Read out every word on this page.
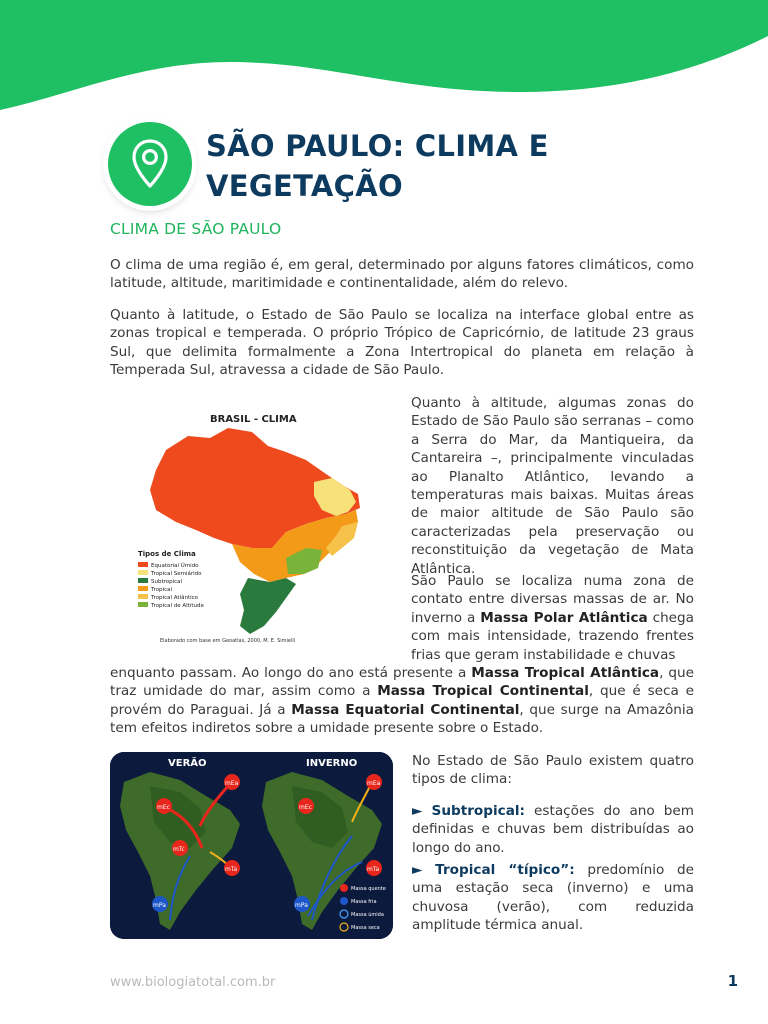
SÃO PAULO: CLIMA E
VEGETAÇÃO
CLIMA DE SÃO PAULO

O clima de uma região é, em geral, determinado por alguns fatores climáticos, como latitude, altitude, maritimidade e continentalidade, além do relevo.

Quanto à latitude, o Estado de São Paulo se localiza na interface global entre as zonas tropical e temperada. O próprio Trópico de Capricórnio, de latitude 23 graus Sul, que delimita formalmente a Zona Intertropical do planeta em relação à Temperada Sul, atravessa a cidade de São Paulo.

BRASIL - CLIMA
Tipos de Clima
Equatorial Úmido
Tropical Semiárido
Subtropical
Tropical
Tropical Atlântico
Tropical de Altitude
Elaborado com base em Geoatlas, 2000, M. E. Simielli

Quanto à altitude, algumas zonas do Estado de São Paulo são serranas – como a Serra do Mar, da Mantiqueira, da Cantareira –, principalmente vinculadas ao Planalto Atlântico, levando a temperaturas mais baixas. Muitas áreas de maior altitude de São Paulo são caracterizadas pela preservação ou reconstituição da vegetação de Mata Atlântica.

São Paulo se localiza numa zona de contato entre diversas massas de ar. No inverno a Massa Polar Atlântica chega com mais intensidade, trazendo frentes frias que geram instabilidade e chuvas

enquanto passam. Ao longo do ano está presente a Massa Tropical Atlântica, que traz umidade do mar, assim como a Massa Tropical Continental, que é seca e provém do Paraguai. Já a Massa Equatorial Continental, que surge na Amazônia tem efeitos indiretos sobre a umidade presente sobre o Estado.

VERÃO
mEa
mEc
mTc
mTa
mPa
INVERNO
mEa
mEc
mTa
mPa
Massa quente
Massa fria
Massa úmida
Massa seca

No Estado de São Paulo existem quatro tipos de clima:

► Subtropical: estações do ano bem definidas e chuvas bem distribuídas ao longo do ano.

► Tropical “típico”: predomínio de uma estação seca (inverno) e uma chuvosa (verão), com reduzida amplitude térmica anual.

www.biologiatotal.com.br	1
